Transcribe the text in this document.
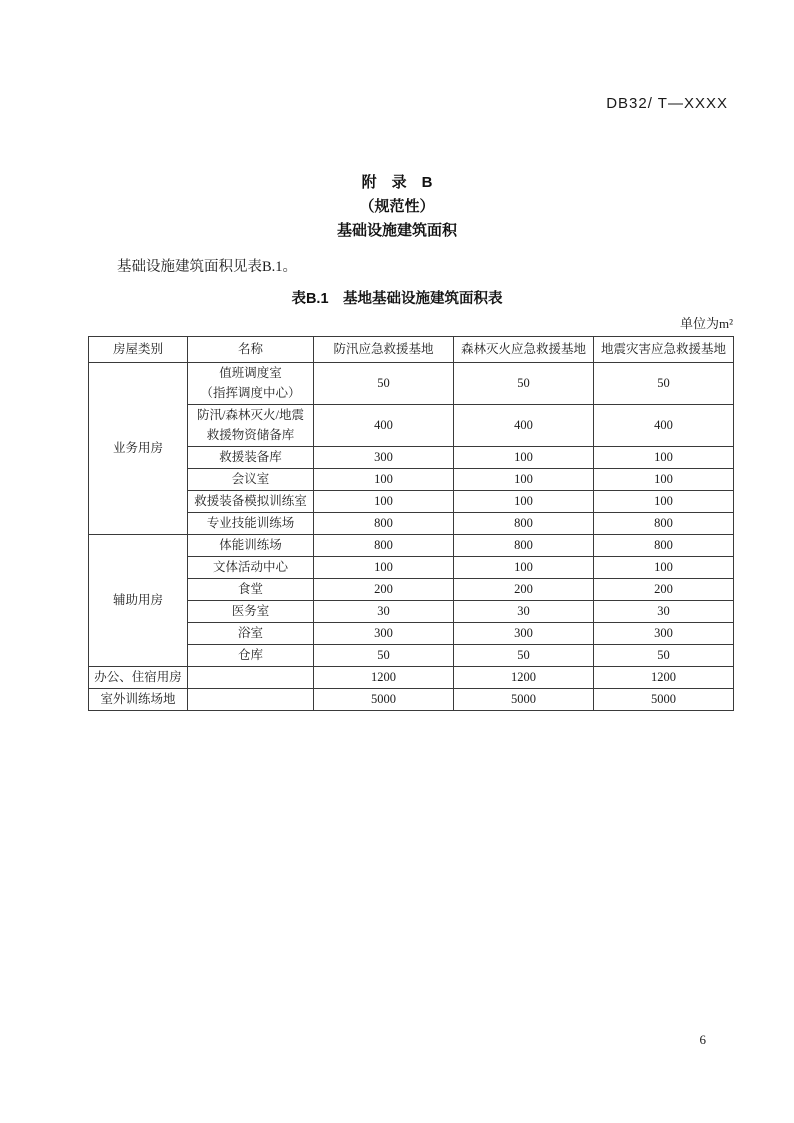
DB32/ T—XXXX
附　录　B
（规范性）
基础设施建筑面积
基础设施建筑面积见表B.1。
表B.1 基地基础设施建筑面积表
单位为m²
房屋类别	名称	防汛应急救援基地	森林灭火应急救援基地	地震灾害应急救援基地
业务用房	值班调度室
（指挥调度中心）	50	50	50

	防汛/森林灭火/地震
救援物资储备库	400	400	400
	救援装备库	300	100	100
	会议室	100	100	100
	救援装备模拟训练室	100	100	100
	专业技能训练场	800	800	800
辅助用房	体能训练场	800	800	800
	文体活动中心	100	100	100
	食堂	200	200	200
	医务室	30	30	30
	浴室	300	300	300
	仓库	50	50	50
办公、住宿用房		1200	1200	1200
室外训练场地		5000	5000	5000
6
